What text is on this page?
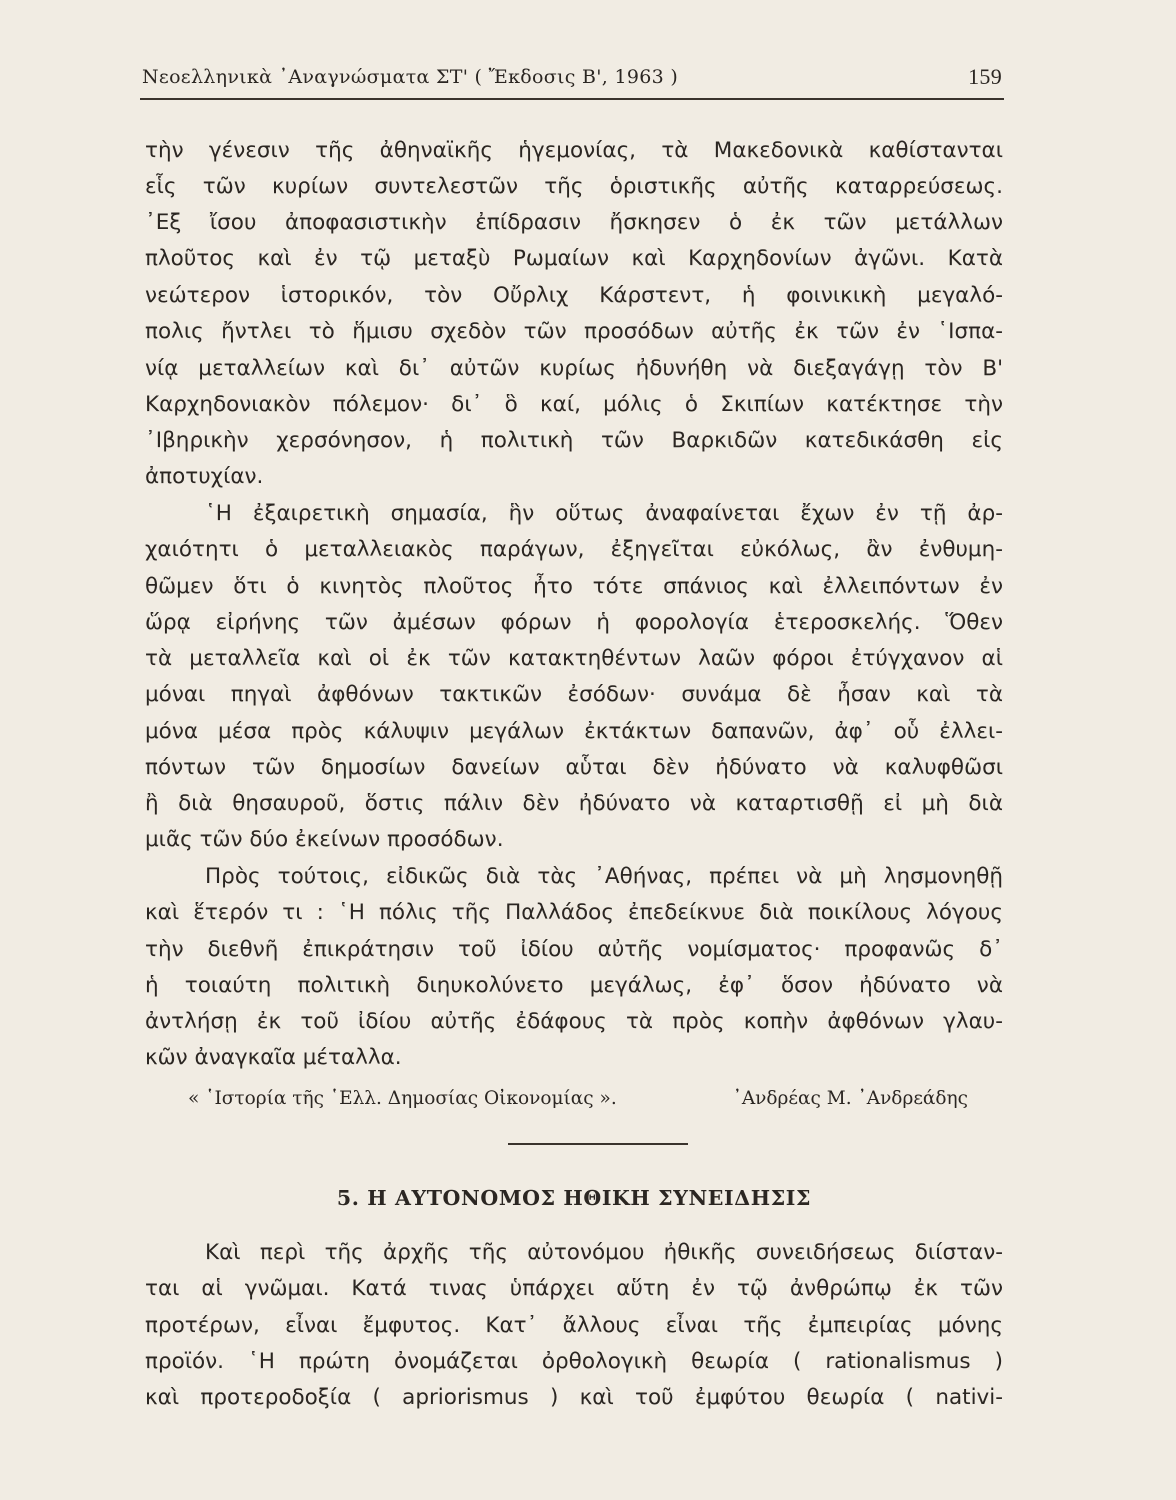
Νεοελληνικὰ ᾿Αναγνώσματα ΣΤ' ( Ἔκδοσις Β', 1963 )	159
τὴν γένεσιν τῆς ἀθηναϊκῆς ἡγεμονίας, τὰ Μακεδονικὰ καθίστανται
εἷς τῶν κυρίων συντελεστῶν τῆς ὁριστικῆς αὐτῆς καταρρεύσεως.
᾿Εξ ἴσου ἀποφασιστικὴν ἐπίδρασιν ἤσκησεν ὁ ἐκ τῶν μετάλλων
πλοῦτος καὶ ἐν τῷ μεταξὺ Ρωμαίων καὶ Καρχηδονίων ἀγῶνι. Κατὰ
νεώτερον ἱστορικόν, τὸν Οὔρλιχ Κάρστεντ, ἡ φοινικικὴ μεγαλό-
πολις ἤντλει τὸ ἥμισυ σχεδὸν τῶν προσόδων αὐτῆς ἐκ τῶν ἐν ῾Ισπα-
νίᾳ μεταλλείων καὶ δι᾿ αὐτῶν κυρίως ἠδυνήθη νὰ διεξαγάγῃ τὸν Β'
Καρχηδονιακὸν πόλεμον· δι᾿ ὃ καί, μόλις ὁ Σκιπίων κατέκτησε τὴν
᾿Ιβηρικὴν χερσόνησον, ἡ πολιτικὴ τῶν Βαρκιδῶν κατεδικάσθη εἰς
ἀποτυχίαν.
῾Η ἐξαιρετικὴ σημασία, ἣν οὕτως ἀναφαίνεται ἔχων ἐν τῇ ἀρ-
χαιότητι ὁ μεταλλειακὸς παράγων, ἐξηγεῖται εὐκόλως, ἂν ἐνθυμη-
θῶμεν ὅτι ὁ κινητὸς πλοῦτος ἦτο τότε σπάνιος καὶ ἐλλειπόντων ἐν
ὥρᾳ εἰρήνης τῶν ἀμέσων φόρων ἡ φορολογία ἑτεροσκελής. Ὅθεν
τὰ μεταλλεῖα καὶ οἱ ἐκ τῶν κατακτηθέντων λαῶν φόροι ἐτύγχανον αἱ
μόναι πηγαὶ ἀφθόνων τακτικῶν ἐσόδων· συνάμα δὲ ἦσαν καὶ τὰ
μόνα μέσα πρὸς κάλυψιν μεγάλων ἐκτάκτων δαπανῶν, ἀφ᾿ οὗ ἐλλει-
πόντων τῶν δημοσίων δανείων αὗται δὲν ἠδύνατο νὰ καλυφθῶσι
ἢ διὰ θησαυροῦ, ὅστις πάλιν δὲν ἠδύνατο νὰ καταρτισθῇ εἰ μὴ διὰ
μιᾶς τῶν δύο ἐκείνων προσόδων.
Πρὸς τούτοις, εἰδικῶς διὰ τὰς ᾿Αθήνας, πρέπει νὰ μὴ λησμονηθῇ
καὶ ἕτερόν τι : ῾Η πόλις τῆς Παλλάδος ἐπεδείκνυε διὰ ποικίλους λόγους
τὴν διεθνῆ ἐπικράτησιν τοῦ ἰδίου αὐτῆς νομίσματος· προφανῶς δ᾿
ἡ τοιαύτη πολιτικὴ διηυκολύνετο μεγάλως, ἐφ᾿ ὅσον ἠδύνατο νὰ
ἀντλήσῃ ἐκ τοῦ ἰδίου αὐτῆς ἐδάφους τὰ πρὸς κοπὴν ἀφθόνων γλαυ-
κῶν ἀναγκαῖα μέταλλα.
« ῾Ιστορία τῆς ῾Ελλ. Δημοσίας Οἰκονομίας ».	᾿Ανδρέας Μ. ᾿Ανδρεάδης
5. Η ΑΥΤΟΝΟΜΟΣ ΗΘΙΚΗ ΣΥΝΕΙΔΗΣΙΣ
Καὶ περὶ τῆς ἀρχῆς τῆς αὐτονόμου ἠθικῆς συνειδήσεως διίσταν-
ται αἱ γνῶμαι. Κατά τινας ὑπάρχει αὕτη ἐν τῷ ἀνθρώπῳ ἐκ τῶν
προτέρων, εἶναι ἔμφυτος. Κατ᾿ ἄλλους εἶναι τῆς ἐμπειρίας μόνης
προϊόν. ῾Η πρώτη ὀνομάζεται ὀρθολογικὴ θεωρία ( rationalismus )
καὶ προτεροδοξία ( apriorismus ) καὶ τοῦ ἐμφύτου θεωρία ( nativi-
